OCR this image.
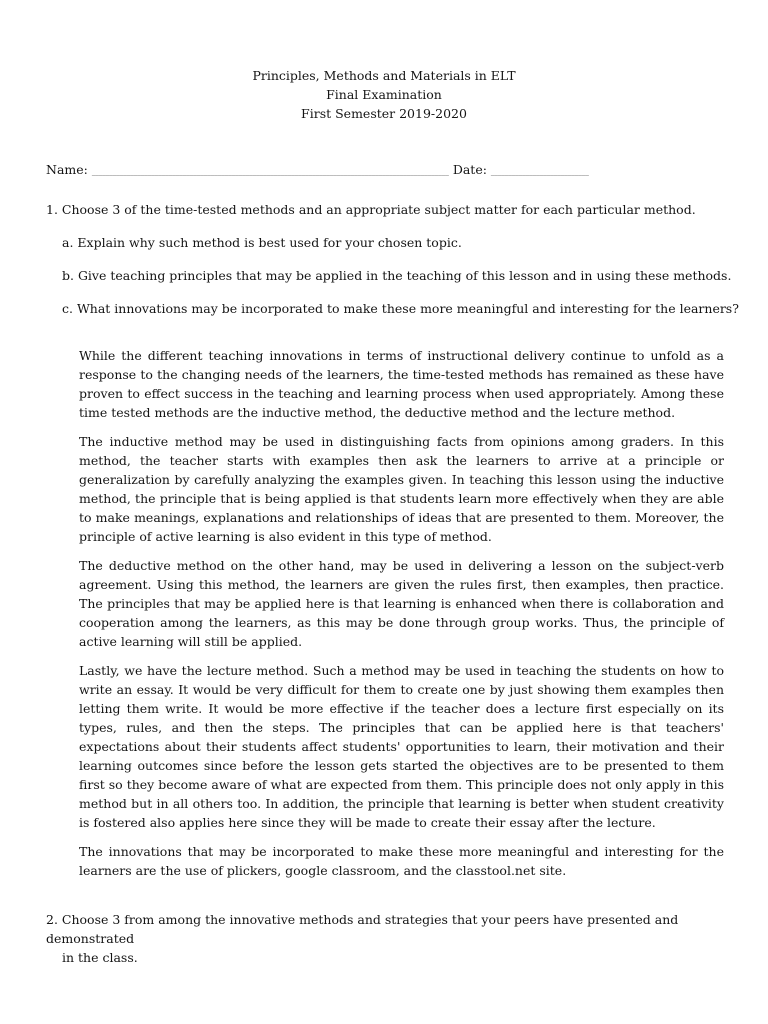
Principles, Methods and Materials in ELT
Final Examination
First Semester 2019-2020
Name: ______________________________________________________________________________________________________ Date: ____________________________
1. Choose 3 of the time-tested methods and an appropriate subject matter for each particular method.
a. Explain why such method is best used for your chosen topic.
b. Give teaching principles that may be applied in the teaching of this lesson and in using these methods.
c. What innovations may be incorporated to make these more meaningful and interesting for the learners?

While the different teaching innovations in terms of instructional delivery continue to unfold as a response to the changing needs of the learners, the time-tested methods has remained as these have proven to effect success in the teaching and learning process when used appropriately. Among these time tested methods are the inductive method, the deductive method and the lecture method.

The inductive method may be used in distinguishing facts from opinions among graders. In this method, the teacher starts with examples then ask the learners to arrive at a principle or generalization by carefully analyzing the examples given. In teaching this lesson using the inductive method, the principle that is being applied is that students learn more effectively when they are able to make meanings, explanations and relationships of ideas that are presented to them. Moreover, the principle of active learning is also evident in this type of method.

The deductive method on the other hand, may be used in delivering a lesson on the subject-verb agreement. Using this method, the learners are given the rules first, then examples, then practice. The principles that may be applied here is that learning is enhanced when there is collaboration and cooperation among the learners, as this may be done through group works. Thus, the principle of active learning will still be applied.

Lastly, we have the lecture method. Such a method may be used in teaching the students on how to write an essay. It would be very difficult for them to create one by just showing them examples then letting them write. It would be more effective if the teacher does a lecture first especially on its types, rules, and then the steps. The principles that can be applied here is that teachers' expectations about their students affect students' opportunities to learn, their motivation and their learning outcomes since before the lesson gets started the objectives are to be presented to them first so they become aware of what are expected from them. This principle does not only apply in this method but in all others too. In addition, the principle that learning is better when student creativity is fostered also applies here since they will be made to create their essay after the lecture.

The innovations that may be incorporated to make these more meaningful and interesting for the learners are the use of plickers, google classroom, and the classtool.net site.

2. Choose 3 from among the innovative methods and strategies that your peers have presented and demonstrated
in the class.
